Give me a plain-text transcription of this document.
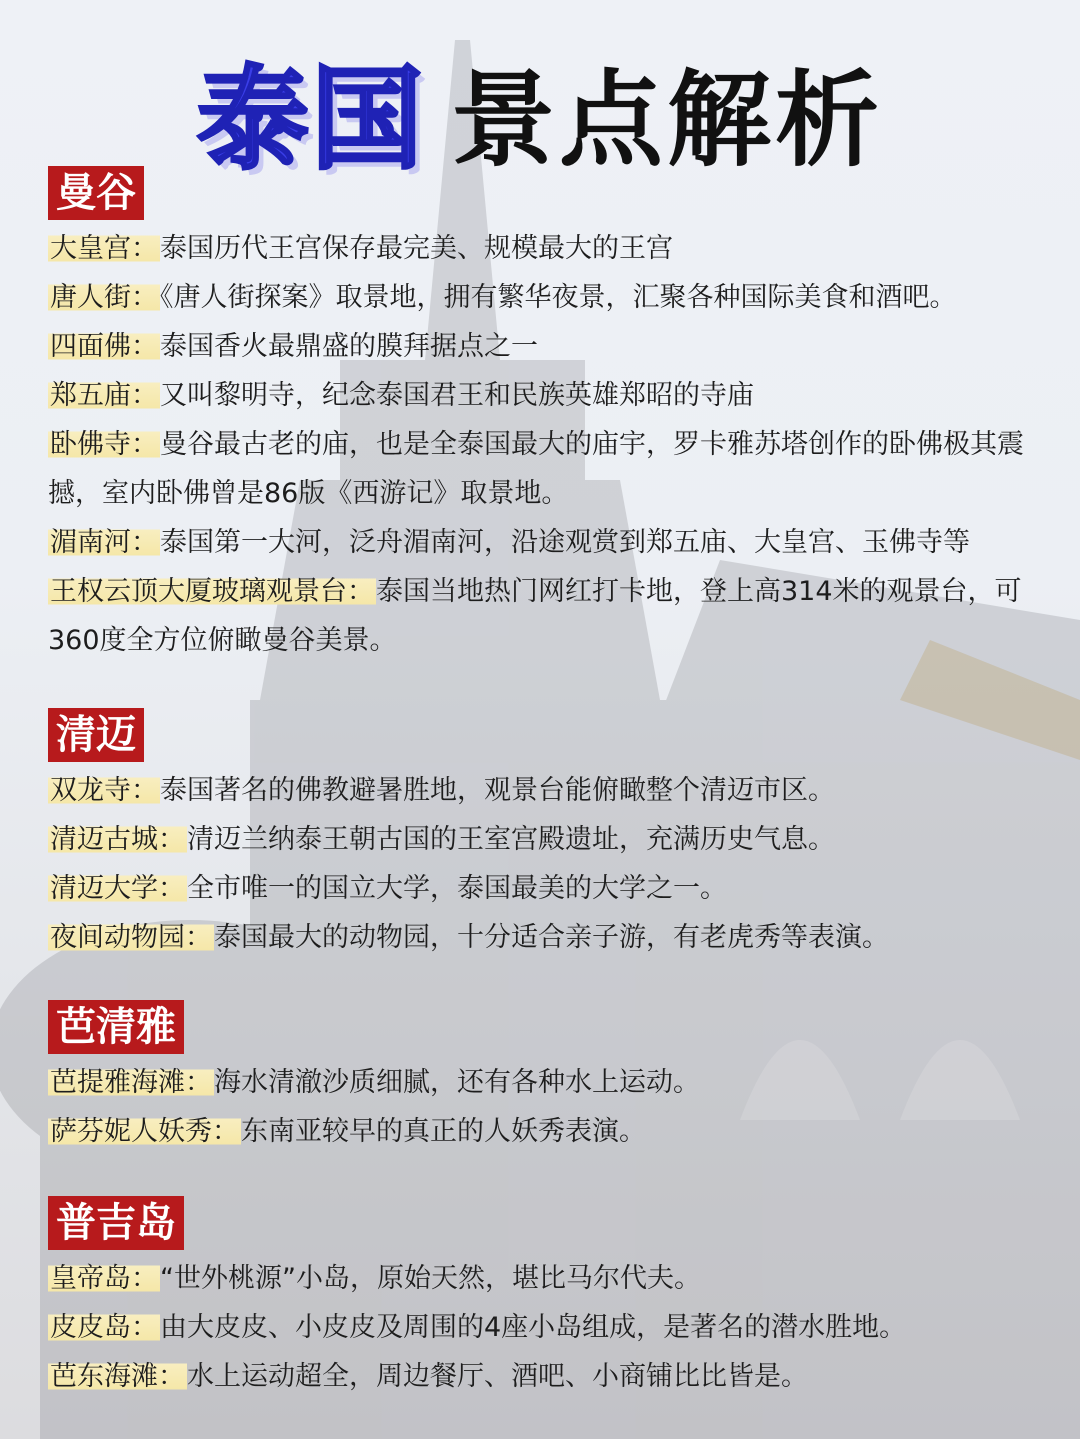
泰国 景点解析
曼谷
大皇宫：泰国历代王宫保存最完美、规模最大的王宫
唐人街：《唐人街探案》取景地，拥有繁华夜景，汇聚各种国际美食和酒吧。
四面佛：泰国香火最鼎盛的膜拜据点之一
郑五庙：又叫黎明寺，纪念泰国君王和民族英雄郑昭的寺庙
卧佛寺：曼谷最古老的庙，也是全泰国最大的庙宇，罗卡雅苏塔创作的卧佛极其震撼，室内卧佛曾是86版《西游记》取景地。
湄南河：泰国第一大河，泛舟湄南河，沿途观赏到郑五庙、大皇宫、玉佛寺等
王权云顶大厦玻璃观景台：泰国当地热门网红打卡地，登上高314米的观景台，可360度全方位俯瞰曼谷美景。
清迈
双龙寺：泰国著名的佛教避暑胜地，观景台能俯瞰整个清迈市区。
清迈古城：清迈兰纳泰王朝古国的王室宫殿遗址，充满历史气息。
清迈大学：全市唯一的国立大学，泰国最美的大学之一。
夜间动物园：泰国最大的动物园，十分适合亲子游，有老虎秀等表演。
芭清雅
芭提雅海滩：海水清澈沙质细腻，还有各种水上运动。
萨芬妮人妖秀：东南亚较早的真正的人妖秀表演。
普吉岛
皇帝岛：“世外桃源”小岛，原始天然，堪比马尔代夫。
皮皮岛：由大皮皮、小皮皮及周围的4座小岛组成，是著名的潜水胜地。
芭东海滩：水上运动超全，周边餐厅、酒吧、小商铺比比皆是。
